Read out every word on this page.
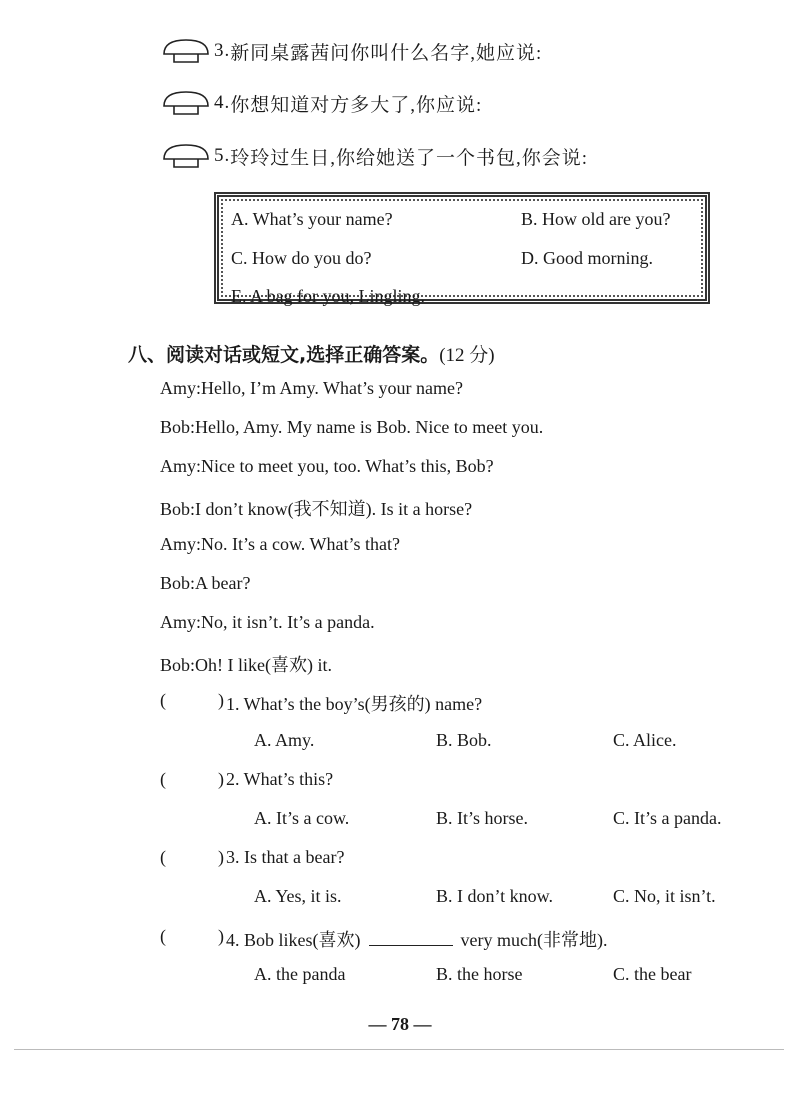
3. 新同桌露茜问你叫什么名字,她应说:
4. 你想知道对方多大了,你应说:
5. 玲玲过生日,你给她送了一个书包,你会说:
A. What’s your name?	B. How old are you?
C. How do you do?	D. Good morning.
E. A bag for you, Lingling.
八、阅读对话或短文,选择正确答案。(12 分)
Amy:Hello, I’m Amy. What’s your name?
Bob:Hello, Amy. My name is Bob. Nice to meet you.
Amy:Nice to meet you, too. What’s this, Bob?
Bob:I don’t know(我不知道). Is it a horse?
Amy:No. It’s a cow. What’s that?
Bob:A bear?
Amy:No, it isn’t. It’s a panda.
Bob:Oh! I like(喜欢) it.
(	) 1. What’s the boy’s(男孩的) name?
A. Amy.	B. Bob.	C. Alice.
(	) 2. What’s this?
A. It’s a cow.	B. It’s horse.	C. It’s a panda.
(	) 3. Is that a bear?
A. Yes, it is.	B. I don’t know.	C. No, it isn’t.
(	) 4. Bob likes(喜欢)	very much(非常地).
A. the panda	B. the horse	C. the bear
— 78 —
